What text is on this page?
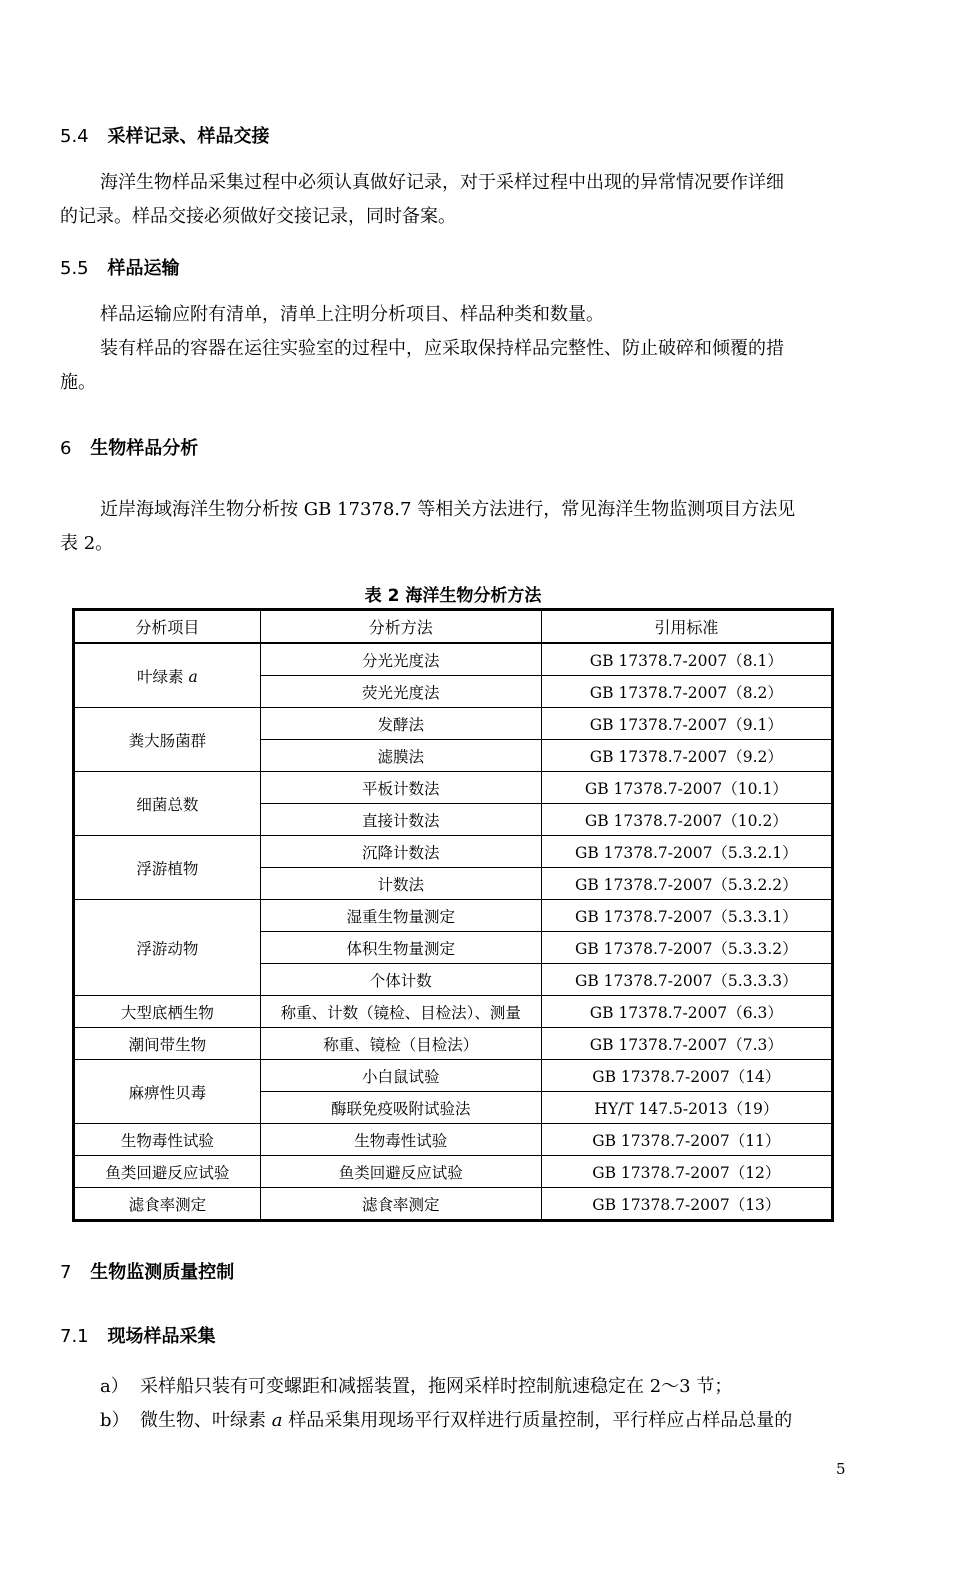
5.4 采样记录、样品交接
海洋生物样品采集过程中必须认真做好记录，对于采样过程中出现的异常情况要作详细
的记录。样品交接必须做好交接记录，同时备案。
5.5 样品运输
样品运输应附有清单，清单上注明分析项目、样品种类和数量。
装有样品的容器在运往实验室的过程中，应采取保持样品完整性、防止破碎和倾覆的措
施。
6 生物样品分析
近岸海域海洋生物分析按 GB 17378.7 等相关方法进行，常见海洋生物监测项目方法见
表 2。
表 2 海洋生物分析方法
分析项目	分析方法	引用标准
叶绿素 a	分光光度法	GB 17378.7-2007（8.1）
	荧光光度法	GB 17378.7-2007（8.2）
粪大肠菌群	发酵法	GB 17378.7-2007（9.1）
	滤膜法	GB 17378.7-2007（9.2）
细菌总数	平板计数法	GB 17378.7-2007（10.1）
	直接计数法	GB 17378.7-2007（10.2）
浮游植物	沉降计数法	GB 17378.7-2007（5.3.2.1）
	计数法	GB 17378.7-2007（5.3.2.2）
浮游动物	湿重生物量测定	GB 17378.7-2007（5.3.3.1）
	体积生物量测定	GB 17378.7-2007（5.3.3.2）
	个体计数	GB 17378.7-2007（5.3.3.3）
大型底栖生物	称重、计数（镜检、目检法）、测量	GB 17378.7-2007（6.3）
潮间带生物	称重、镜检（目检法）	GB 17378.7-2007（7.3）
麻痹性贝毒	小白鼠试验	GB 17378.7-2007（14）
	酶联免疫吸附试验法	HY/T 147.5-2013（19）
生物毒性试验	生物毒性试验	GB 17378.7-2007（11）
鱼类回避反应试验	鱼类回避反应试验	GB 17378.7-2007（12）
滤食率测定	滤食率测定	GB 17378.7-2007（13）
7 生物监测质量控制
7.1 现场样品采集
a） 采样船只装有可变螺距和减摇装置，拖网采样时控制航速稳定在 2～3 节；
b） 微生物、叶绿素 a 样品采集用现场平行双样进行质量控制，平行样应占样品总量的
5
